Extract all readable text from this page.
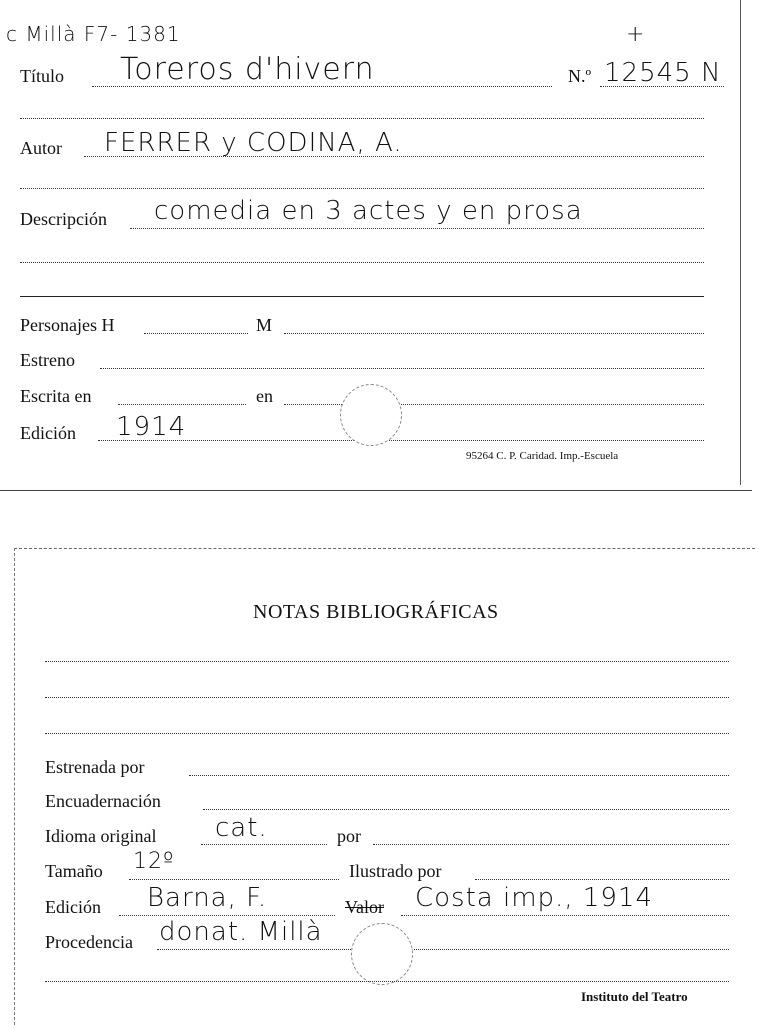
c Millà F7- 1381	+
Título Toreros d'hivern	N.º 12545 N
Autor FERRER y CODINA, A.
Descripción comedia en 3 actes y en prosa
Personajes H	M
Estreno
Escrita en	en
Edición 1914
95264 C. P. Caridad. Imp.-Escuela
NOTAS BIBLIOGRÁFICAS
Estrenada por
Encuadernación
Idioma original cat.	por
Tamaño 12º	Ilustrado por
Edición Barna, F.	Valor Costa imp., 1914
Procedencia donat. Millà
Instituto del Teatro
